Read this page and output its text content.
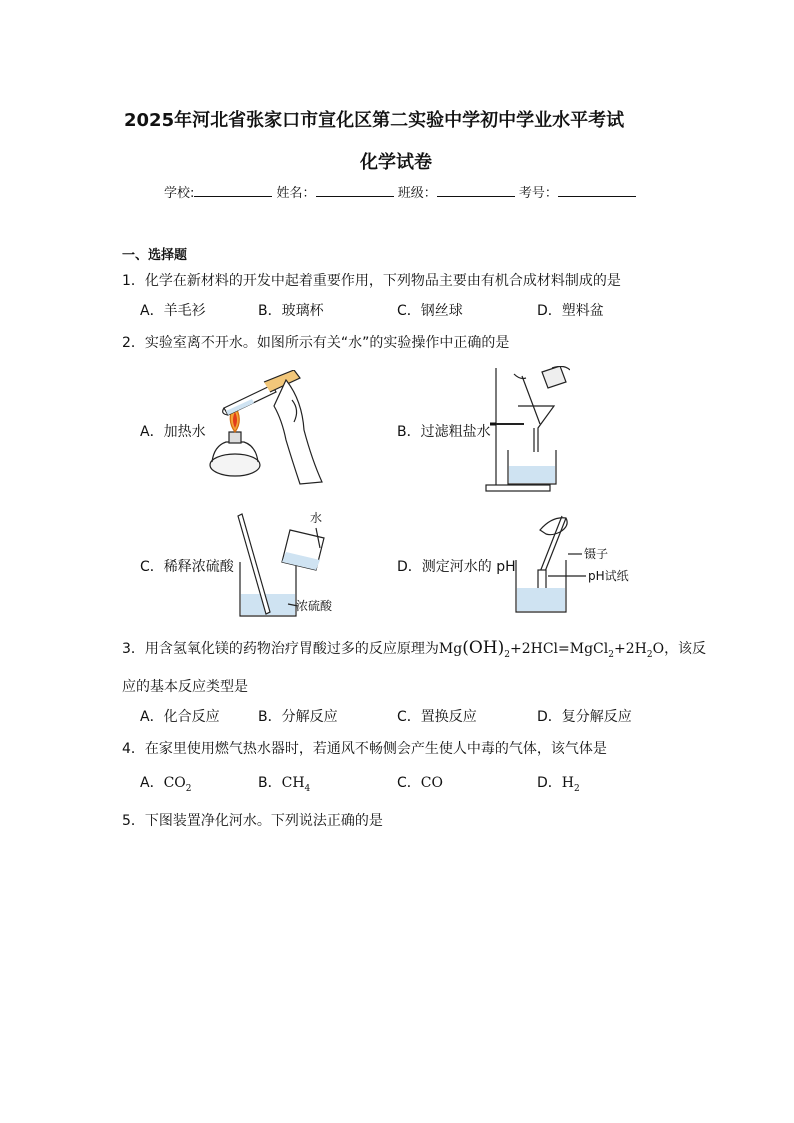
2025年河北省张家口市宣化区第二实验中学初中学业水平考试
化学试卷
学校:	姓名：	班级：	考号：
一、选择题
1．化学在新材料的开发中起着重要作用，下列物品主要由有机合成材料制成的是
A．羊毛衫	B．玻璃杯	C．钢丝球	D．塑料盆
2．实验室离不开水。如图所示有关“水”的实验操作中正确的是
A．加热水	B．过滤粗盐水
C．稀释浓硫酸	D．测定河水的 pH
水
浓硫酸
镊子
pH试纸
3．用含氢氧化镁的药物治疗胃酸过多的反应原理为$Mg(OH)_2+2HCl=MgCl_2+2H_2O$，该反
应的基本反应类型是
A．化合反应	B．分解反应	C．置换反应	D．复分解反应
4．在家里使用燃气热水器时，若通风不畅侧会产生使人中毒的气体，该气体是
A．$CO_2$	B．$CH_4$	C．CO	D．$H_2$
5．下图装置净化河水。下列说法正确的是
